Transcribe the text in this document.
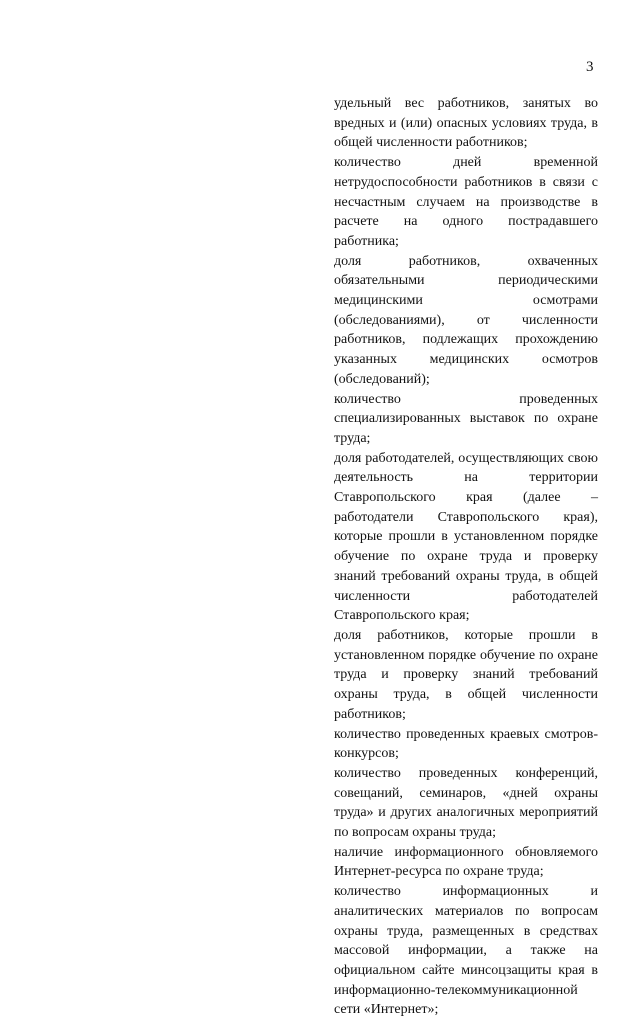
3

удельный вес работников, занятых во вредных и (или) опасных условиях труда, в общей численности работников;

количество дней временной нетрудоспособности работников в связи с несчастным случаем на производстве в расчете на одного пострадавшего работника;

доля работников, охваченных обязательными периодическими медицинскими осмотрами (обследованиями), от численности работников, подлежащих прохождению указанных медицинских осмотров (обследований);

количество проведенных специализированных выставок по охране труда;

доля работодателей, осуществляющих свою деятельность на территории Ставропольского края (далее – работодатели Ставропольского края), которые прошли в установленном порядке обучение по охране труда и проверку знаний требований охраны труда, в общей численности работодателей Ставропольского края;

доля работников, которые прошли в установленном порядке обучение по охране труда и проверку знаний требований охраны труда, в общей численности работников;

количество проведенных краевых смотров-конкурсов;

количество проведенных конференций, совещаний, семинаров, «дней охраны труда» и других аналогичных мероприятий по вопросам охраны труда;

наличие информационного обновляемого Интернет-ресурса по охране труда;

количество информационных и аналитических материалов по вопросам охраны труда, размещенных в средствах массовой информации, а также на официальном сайте минсоцзащиты края в информационно-телекоммуникационной сети «Интернет»;
